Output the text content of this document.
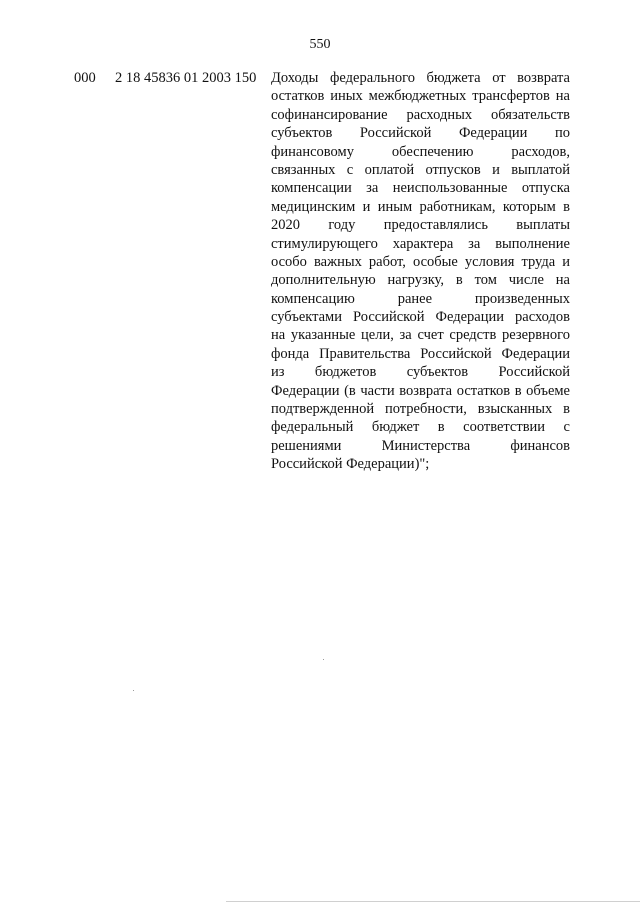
550
000 2 18 45836 01 2003 150 Доходы федерального бюджета от возврата
остатков иных межбюджетных трансфертов на
софинансирование расходных обязательств
субъектов Российской Федерации по
финансовому обеспечению расходов,
связанных с оплатой отпусков и выплатой
компенсации за неиспользованные отпуска
медицинским и иным работникам, которым в
2020 году предоставлялись выплаты
стимулирующего характера за выполнение
особо важных работ, особые условия труда и
дополнительную нагрузку, в том числе на
компенсацию ранее произведенных
субъектами Российской Федерации расходов
на указанные цели, за счет средств резервного
фонда Правительства Российской Федерации
из бюджетов субъектов Российской
Федерации (в части возврата остатков в объеме
подтвержденной потребности, взысканных в
федеральный бюджет в соответствии с
решениями Министерства финансов
Российской Федерации)";
